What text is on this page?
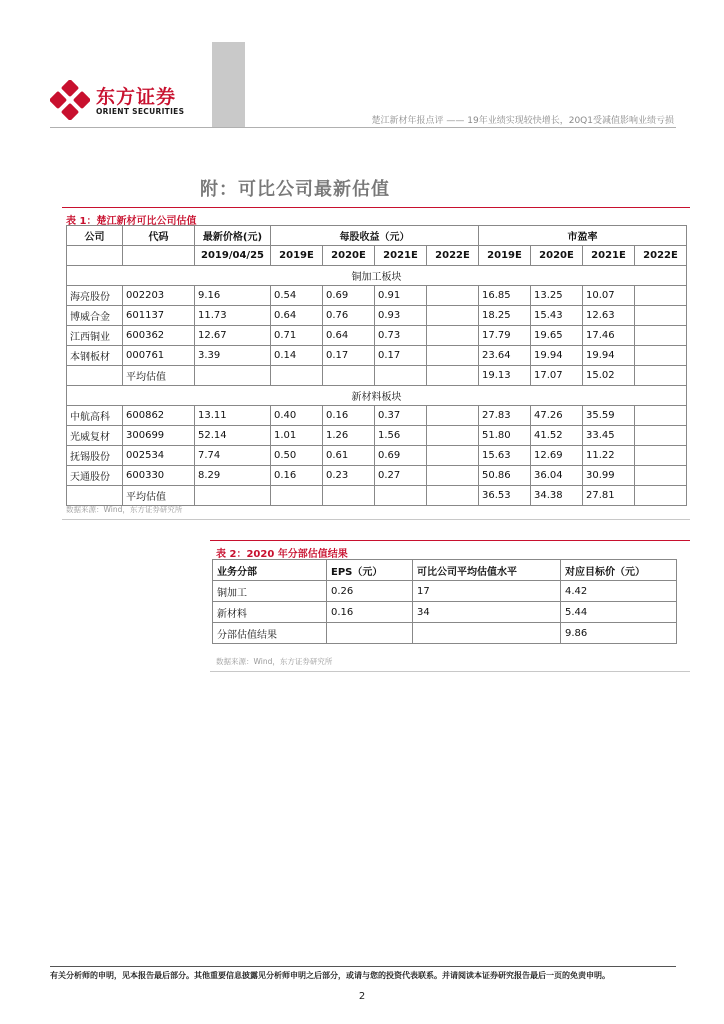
东方证券
ORIENT SECURITIES
楚江新材年报点评 —— 19年业绩实现较快增长，20Q1受减值影响业绩亏损
附：可比公司最新估值
表 1：楚江新材可比公司估值
公司	代码	最新价格(元)	每股收益（元）				市盈率			
		2019/04/25	2019E	2020E	2021E	2022E	2019E	2020E	2021E	2022E
铜加工板块										
海亮股份	002203	9.16	0.54	0.69	0.91		16.85	13.25	10.07	
博威合金	601137	11.73	0.64	0.76	0.93		18.25	15.43	12.63	
江西铜业	600362	12.67	0.71	0.64	0.73		17.79	19.65	17.46	
本钢板材	000761	3.39	0.14	0.17	0.17		23.64	19.94	19.94	
	平均估值						19.13	17.07	15.02	
新材料板块										
中航高科	600862	13.11	0.40	0.16	0.37		27.83	47.26	35.59	
光威复材	300699	52.14	1.01	1.26	1.56		51.80	41.52	33.45	
抚锡股份	002534	7.74	0.50	0.61	0.69		15.63	12.69	11.22	
天通股份	600330	8.29	0.16	0.23	0.27		50.86	36.04	30.99	
	平均估值						36.53	34.38	27.81	
数据来源：Wind，东方证券研究所
表 2：2020 年分部估值结果
业务分部	EPS（元）	可比公司平均估值水平	对应目标价（元）
铜加工	0.26	17	4.42
新材料	0.16	34	5.44
分部估值结果			9.86
数据来源：Wind，东方证券研究所
有关分析师的申明，见本报告最后部分。其他重要信息披露见分析师申明之后部分，或请与您的投资代表联系。并请阅读本证券研究报告最后一页的免责申明。
2
